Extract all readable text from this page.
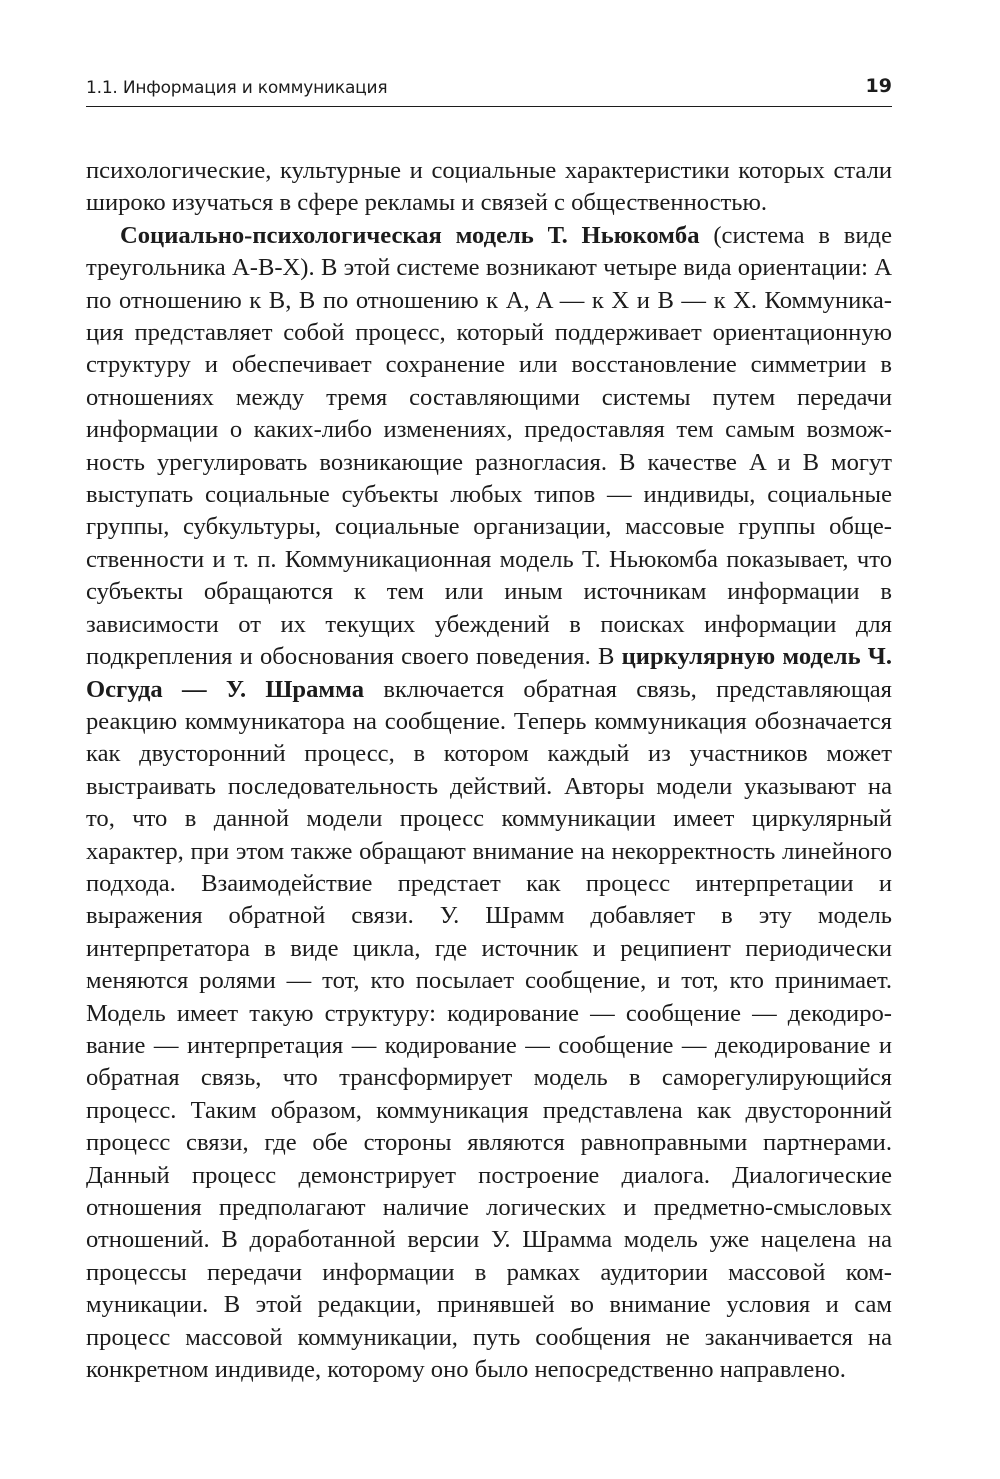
1.1. Информация и коммуникация	19

психологические, культурные и социальные характеристики которых стали широко изучаться в сфере рекламы и связей с общественностью.

Социально-психологическая модель Т. Ньюкомба (система в виде треугольника A-B-X). В этой системе возникают четыре вида ориентации: A по отношению к B, B по отношению к A, A — к X и B — к X. Коммуникация представляет собой процесс, который поддерживает ориентационную структуру и обеспечивает сохранение или восстановление симметрии в отношениях между тремя составляющими системы путем передачи информации о каких-либо изменениях, предоставляя тем самым возможность урегулировать возникающие разногласия. В качестве A и B могут выступать социальные субъекты любых типов — индивиды, социальные группы, субкультуры, социальные организации, массовые группы общественности и т. п. Коммуникационная модель Т. Ньюкомба показывает, что субъекты обращаются к тем или иным источникам информации в зависимости от их текущих убеждений в поисках информации для подкрепления и обоснования своего поведения. В циркулярную модель Ч. Осгуда — У. Шрамма включается обратная связь, представляющая реакцию коммуникатора на сообщение. Теперь коммуникация обозначается как двусторонний процесс, в котором каждый из участников может выстраивать последовательность действий. Авторы модели указывают на то, что в данной модели процесс коммуникации имеет циркулярный характер, при этом также обращают внимание на некорректность линейного подхода. Взаимодействие предстает как процесс интерпретации и выражения обратной связи. У. Шрамм добавляет в эту модель интерпретатора в виде цикла, где источник и реципиент периодически меняются ролями — тот, кто посылает сообщение, и тот, кто принимает. Модель имеет такую структуру: кодирование — сообщение — декодирование — интерпретация — кодирование — сообщение — декодирование и обратная связь, что трансформирует модель в саморегулирующийся процесс. Таким образом, коммуникация представлена как двусторонний процесс связи, где обе стороны являются равноправными партнерами. Данный процесс демонстрирует построение диалога. Диалогические отношения предполагают наличие логических и предметно-смысловых отношений. В доработанной версии У. Шрамма модель уже нацелена на процессы передачи информации в рамках аудитории массовой коммуникации. В этой редакции, принявшей во внимание условия и сам процесс массовой коммуникации, путь сообщения не заканчивается на конкретном индивиде, которому оно было непосредственно направлено.
